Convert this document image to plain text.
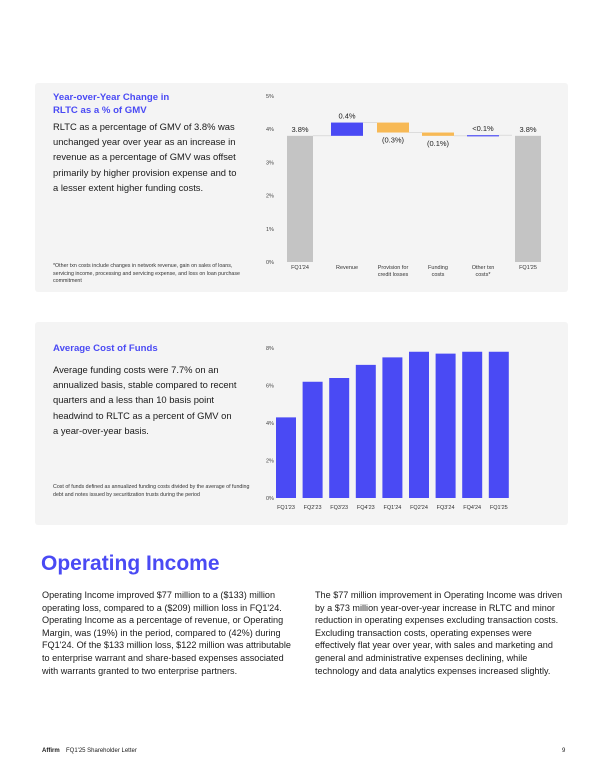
Year-over-Year Change in RLTC as a % of GMV
RLTC as a percentage of GMV of 3.8% was unchanged year over year as an increase in revenue as a percentage of GMV was offset primarily by higher provision expense and to a lesser extent higher funding costs.
*Other txn costs include changes in network revenue, gain on sales of loans, servicing income, processing and servicing expense, and loss on loan purchase commitment
Average Cost of Funds
Average funding costs were 7.7% on an annualized basis, stable compared to recent quarters and a less than 10 basis point headwind to RLTC as a percent of GMV on a year-over-year basis.
Cost of funds defined as annualized funding costs divided by the average of funding debt and notes issued by securitization trusts during the period
0%
1%
2%
3%
4%
5%
3.8%
FQ1'24
0.4%
Revenue
(0.3%)
Provision for
credit losses
(0.1%)
Funding
costs
<0.1%
Other txn
costs*
3.8%
FQ1'25
0%
2%
4%
6%
8%
FQ1'23 FQ2'23 FQ3'23 FQ4'23 FQ1'24 FQ2'24 FQ3'24 FQ4'24 FQ1'25
Operating Income
Operating Income improved $77 million to a ($133) million operating loss, compared to a ($209) million loss in FQ1'24. Operating Income as a percentage of revenue, or Operating Margin, was (19%) in the period, compared to (42%) during FQ1'24. Of the $133 million loss, $122 million was attributable to enterprise warrant and share-based expenses associated with warrants granted to two enterprise partners.
The $77 million improvement in Operating Income was driven by a $73 million year-over-year increase in RLTC and minor reduction in operating expenses excluding transaction costs. Excluding transaction costs, operating expenses were effectively flat year over year, with sales and marketing and general and administrative expenses declining, while technology and data analytics expenses increased slightly.
Affirm FQ1'25 Shareholder Letter	9
